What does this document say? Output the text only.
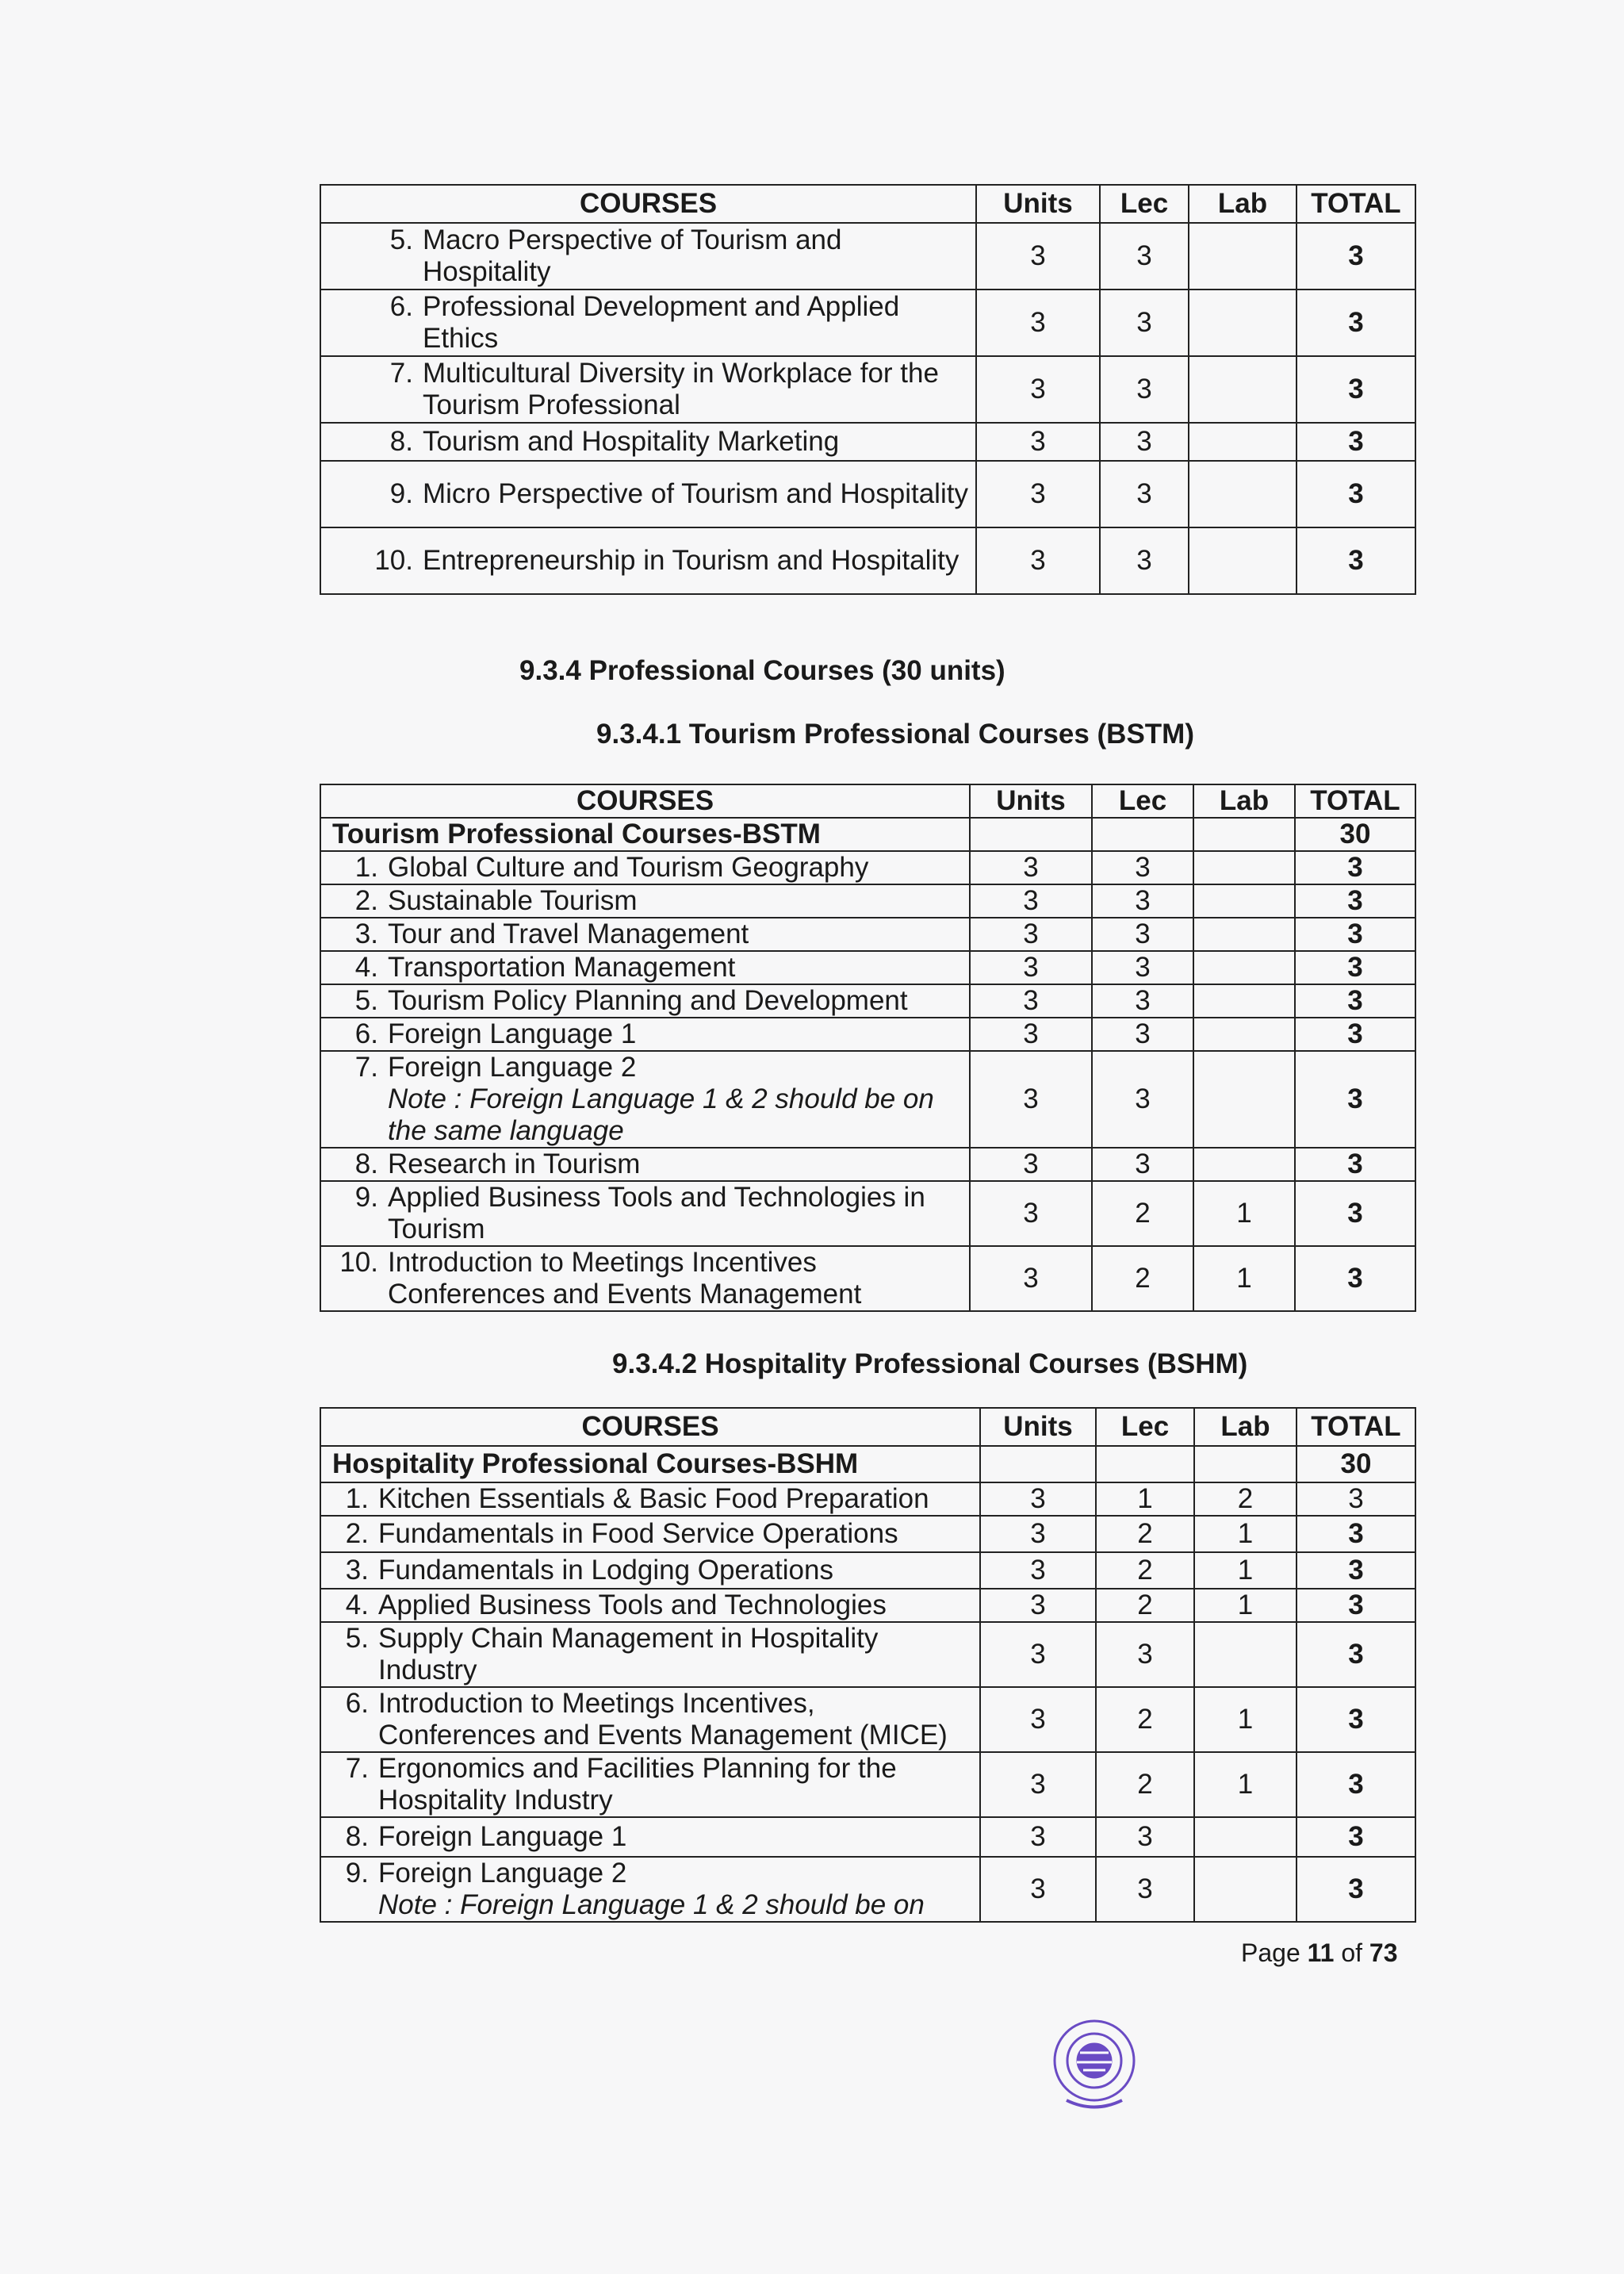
COURSES	Units	Lec	Lab	TOTAL

5. Macro Perspective of Tourism and Hospitality	3	3		3

6. Professional Development and Applied Ethics	3	3		3

7. Multicultural Diversity in Workplace for the Tourism Professional	3	3		3

8. Tourism and Hospitality Marketing	3	3		3

9. Micro Perspective of Tourism and Hospitality	3	3		3

10. Entrepreneurship in Tourism and Hospitality	3	3		3
9.3.4 Professional Courses (30 units)
9.3.4.1 Tourism Professional Courses (BSTM)
COURSES	Units	Lec	Lab	TOTAL
Tourism Professional Courses-BSTM				30

1. Global Culture and Tourism Geography	3	3		3

2. Sustainable Tourism	3	3		3

3. Tour and Travel Management	3	3		3

4. Transportation Management	3	3		3

5. Tourism Policy Planning and Development	3	3		3

6. Foreign Language 1	3	3		3

7. Foreign Language 2
Note : Foreign Language 1 & 2 should be on the same language	3	3		3

8. Research in Tourism	3	3		3

9. Applied Business Tools and Technologies in Tourism	3	2	1	3

10. Introduction to Meetings Incentives Conferences and Events Management	3	2	1	3
9.3.4.2 Hospitality Professional Courses (BSHM)
COURSES	Units	Lec	Lab	TOTAL
Hospitality Professional Courses-BSHM				30

1. Kitchen Essentials & Basic Food Preparation	3	1	2	3

2. Fundamentals in Food Service Operations	3	2	1	3

3. Fundamentals in Lodging Operations	3	2	1	3

4. Applied Business Tools and Technologies	3	2	1	3

5. Supply Chain Management in Hospitality Industry	3	3		3

6. Introduction to Meetings Incentives, Conferences and Events Management (MICE)	3	2	1	3

7. Ergonomics and Facilities Planning for the Hospitality Industry	3	2	1	3

8. Foreign Language 1	3	3		3

9. Foreign Language 2
Note : Foreign Language 1 & 2 should be on	3	3		3
Page 11 of 73
